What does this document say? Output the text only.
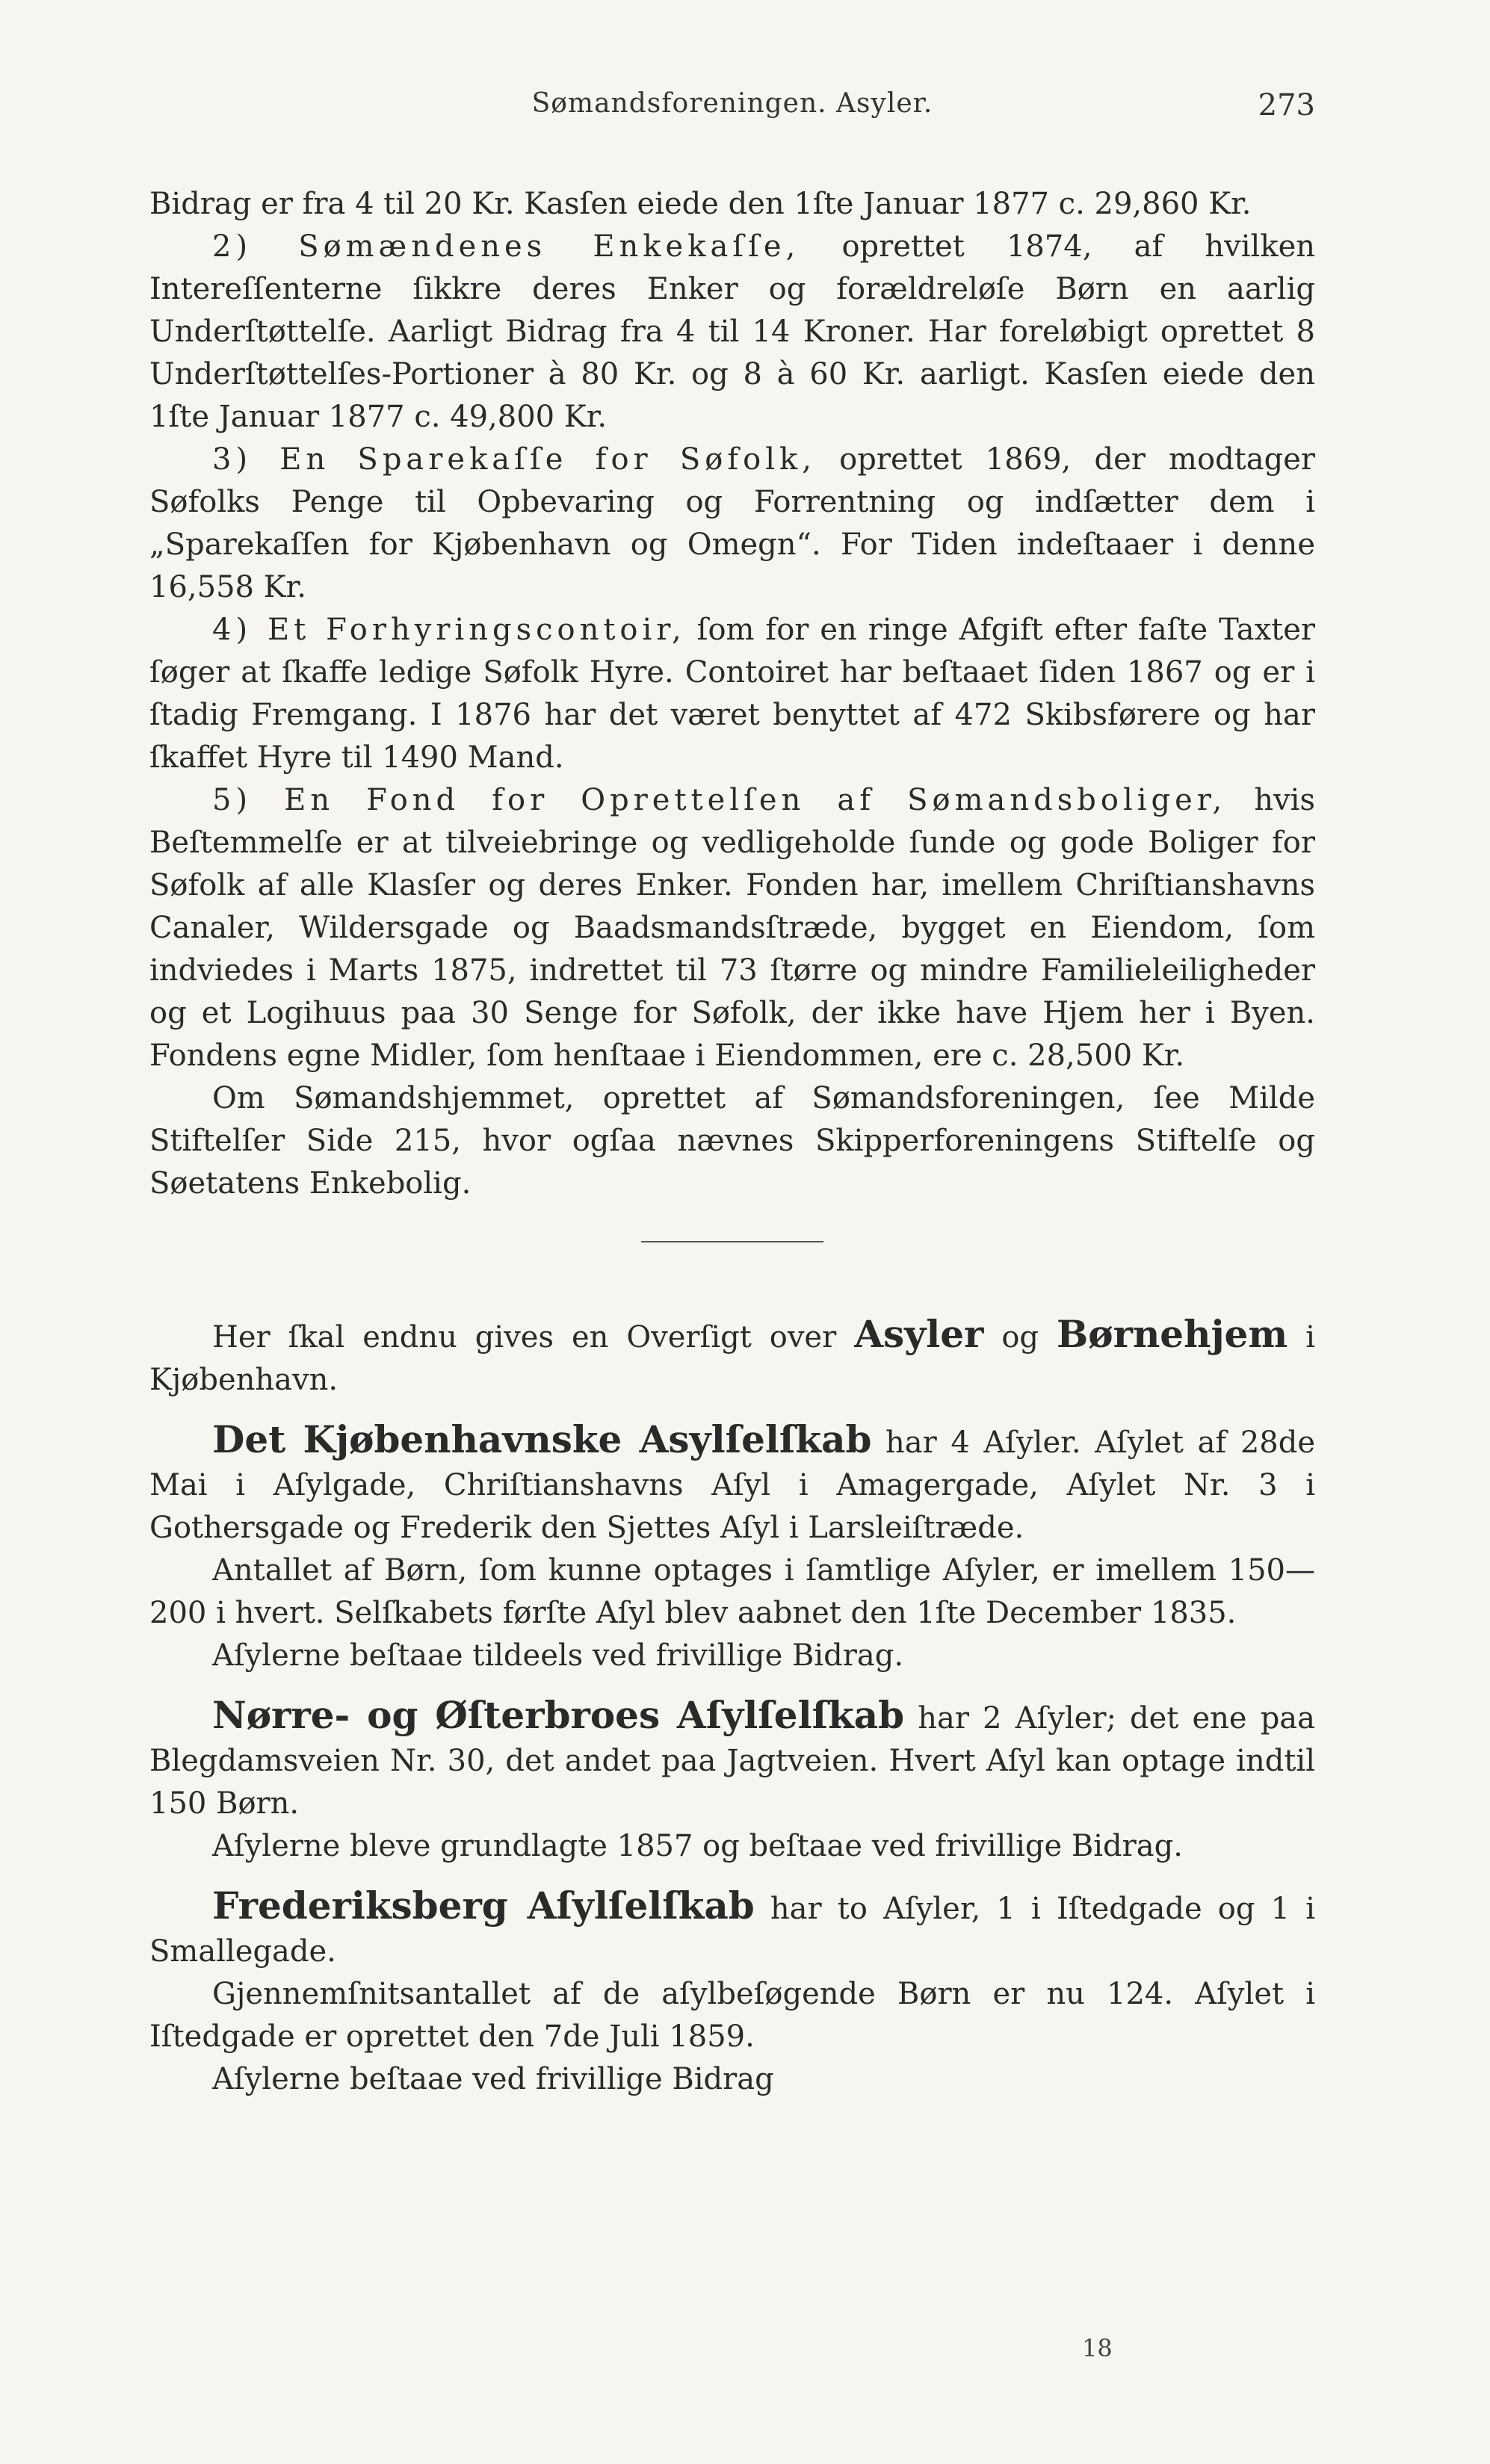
Sømandsforeningen. Asyler.	273

Bidrag er fra 4 til 20 Kr. Kasſen eiede den 1ſte Januar 1877 c. 29,860 Kr.

2) Sømændenes Enkekaſſe, oprettet 1874, af hvilken Intereſſenterne ſikkre deres Enker og forældreløſe Børn en aarlig Underſtøttelſe. Aarligt Bidrag fra 4 til 14 Kroner. Har foreløbigt oprettet 8 Underſtøttelſes-Portioner à 80 Kr. og 8 à 60 Kr. aarligt. Kasſen eiede den 1ſte Januar 1877 c. 49,800 Kr.

3) En Sparekaſſe for Søfolk, oprettet 1869, der modtager Søfolks Penge til Opbevaring og Forrentning og indſætter dem i „Sparekaſſen for Kjøbenhavn og Omegn“. For Tiden indeſtaaer i denne 16,558 Kr.

4) Et Forhyringscontoir, ſom for en ringe Afgift efter faſte Taxter ſøger at ſkaffe ledige Søfolk Hyre. Contoiret har beſtaaet ſiden 1867 og er i ſtadig Fremgang. I 1876 har det været benyttet af 472 Skibsførere og har ſkaffet Hyre til 1490 Mand.

5) En Fond for Oprettelſen af Sømandsboliger, hvis Beſtemmelſe er at tilveiebringe og vedligeholde ſunde og gode Boliger for Søfolk af alle Klasſer og deres Enker. Fonden har, imellem Chriſtianshavns Canaler, Wildersgade og Baadsmandsſtræde, bygget en Eiendom, ſom indviedes i Marts 1875, indrettet til 73 ſtørre og mindre Familieleiligheder og et Logihuus paa 30 Senge for Søfolk, der ikke have Hjem her i Byen. Fondens egne Midler, ſom henſtaae i Eiendommen, ere c. 28,500 Kr.

Om Sømandshjemmet, oprettet af Sømandsforeningen, ſee Milde Stiftelſer Side 215, hvor ogſaa nævnes Skipperforeningens Stiftelſe og Søetatens Enkebolig.

Her ſkal endnu gives en Overſigt over Asyler og Børnehjem i Kjøbenhavn.

Det Kjøbenhavnske Asylſelſkab har 4 Aſyler. Aſylet af 28de Mai i Aſylgade, Chriſtianshavns Aſyl i Amagergade, Aſylet Nr. 3 i Gothersgade og Frederik den Sjettes Aſyl i Larsleiſtræde.

Antallet af Børn, ſom kunne optages i ſamtlige Aſyler, er imellem 150—200 i hvert. Selſkabets førſte Aſyl blev aabnet den 1ſte December 1835.

Aſylerne beſtaae tildeels ved frivillige Bidrag.

Nørre- og Øſterbroes Aſylſelſkab har 2 Aſyler; det ene paa Blegdamsveien Nr. 30, det andet paa Jagtveien. Hvert Aſyl kan optage indtil 150 Børn.

Aſylerne bleve grundlagte 1857 og beſtaae ved frivillige Bidrag.

Frederiksberg Aſylſelſkab har to Aſyler, 1 i Iſtedgade og 1 i Smallegade.

Gjennemſnitsantallet af de aſylbeſøgende Børn er nu 124. Aſylet i Iſtedgade er oprettet den 7de Juli 1859.

Aſylerne beſtaae ved frivillige Bidrag

18
